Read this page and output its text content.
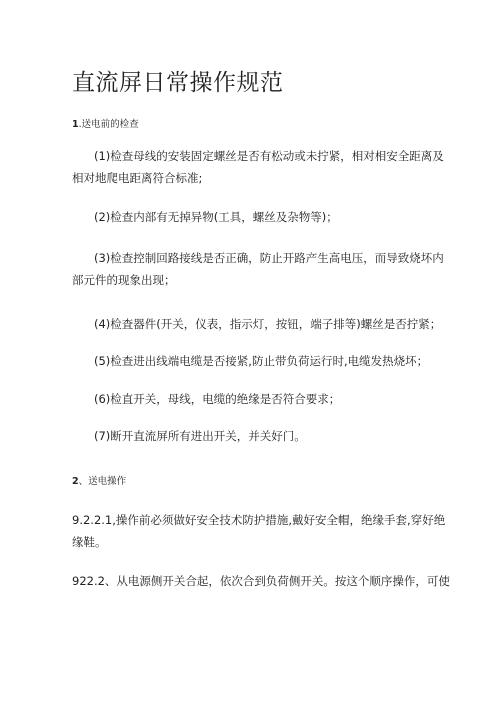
直流屏日常操作规范
1.送电前的检查
(1)检查母线的安装固定螺丝是否有松动或未拧紧，相对相安全距离及
相对地爬电距离符合标准;
(2)检查内部有无掉异物(工具，螺丝及杂物等)；
(3)检查控制回路接线是否正确，防止开路产生高电压，而导致烧坏内
部元件的现象出现；
(4)检査器件(开关，仪表，指示灯，按钮，端子排等)螺丝是否拧紧；
(5)检查进出线端电缆是否接紧,防止带负荷运行时,电缆发热烧坏；
(6)检直开关，母线，电缆的绝缘是否符合要求；
(7)断开直流屏所有进出开关，并关好门。
2、送电操作
9.2.2.1,操作前必须做好安全技术防护措施,戴好安全帽，绝缘手套,穿好绝
缘鞋。
922.2、从电源侧开关合起，依次合到负荷侧开关。按这个顺序操作，可使
